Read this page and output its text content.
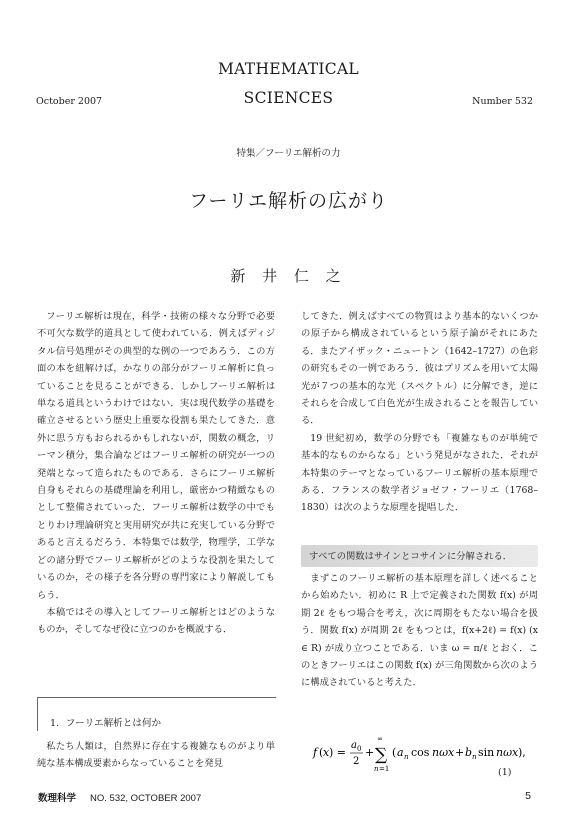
MATHEMATICAL
SCIENCES
October 2007	Number 532
特集／フーリエ解析の力
フーリエ解析の広がり
新 井 仁 之

フーリエ解析は現在，科学・技術の様々な分野で必要不可欠な数学的道具として使われている．例えばディジタル信号処理がその典型的な例の一つであろう．この方面の本を紐解けば，かなりの部分がフーリエ解析に負っていることを見ることができる．しかしフーリエ解析は単なる道具というわけではない．実は現代数学の基礎を確立させるという歴史上重要な役割も果たしてきた．意外に思う方もおられるかもしれないが，関数の概念，リーマン積分，集合論などはフーリエ解析の研究が一つの発端となって造られたものである．さらにフーリエ解析自身もそれらの基礎理論を利用し，厳密かつ精緻なものとして整備されていった．フーリエ解析は数学の中でもとりわけ理論研究と実用研究が共に充実している分野であると言えるだろう．本特集では数学，物理学，工学などの諸分野でフーリエ解析がどのような役割を果たしているのか，その様子を各分野の専門家により解説してもらう．

本稿ではその導入としてフーリエ解析とはどのようなものか，そしてなぜ役に立つのかを概説する．

1．フーリエ解析とは何か

私たち人類は，自然界に存在する複雑なものがより単純な基本構成要素からなっていることを発見

してきた．例えばすべての物質はより基本的ないくつかの原子から構成されているという原子論がそれにあたる．またアイザック・ニュートン（1642–1727）の色彩の研究もその一例であろう．彼はプリズムを用いて太陽光が７つの基本的な光（スペクトル）に分解でき，逆にそれらを合成して白色光が生成されることを報告している．

19 世紀初め，数学の分野でも「複雑なものが単純で基本的なものからなる」という発見がなされた．それが本特集のテーマとなっているフーリエ解析の基本原理である．フランスの数学者ジョゼフ・フーリエ（1768–1830）は次のような原理を提唱した．

すべての関数はサインとコサインに分解される．

まずこのフーリエ解析の基本原理を詳しく述べることから始めたい．初めに R 上で定義された関数 f(x) が周期 2ℓ をもつ場合を考え，次に周期をもたない場合を扱う．関数 f(x) が周期 2ℓ をもつとは，f(x+2ℓ) = f(x) (x ∈ R) が成り立つことである．いま ω = π/ℓ とおく．このときフーリエはこの関数 f(x) が三角関数から次のように構成されていると考えた．

f ( x ) =
a 0
2
+ ∑
∞
n =1
( a n cos nωx + b n sin nωx ),
(1)
数理科学 NO. 532, OCTOBER 2007	5
